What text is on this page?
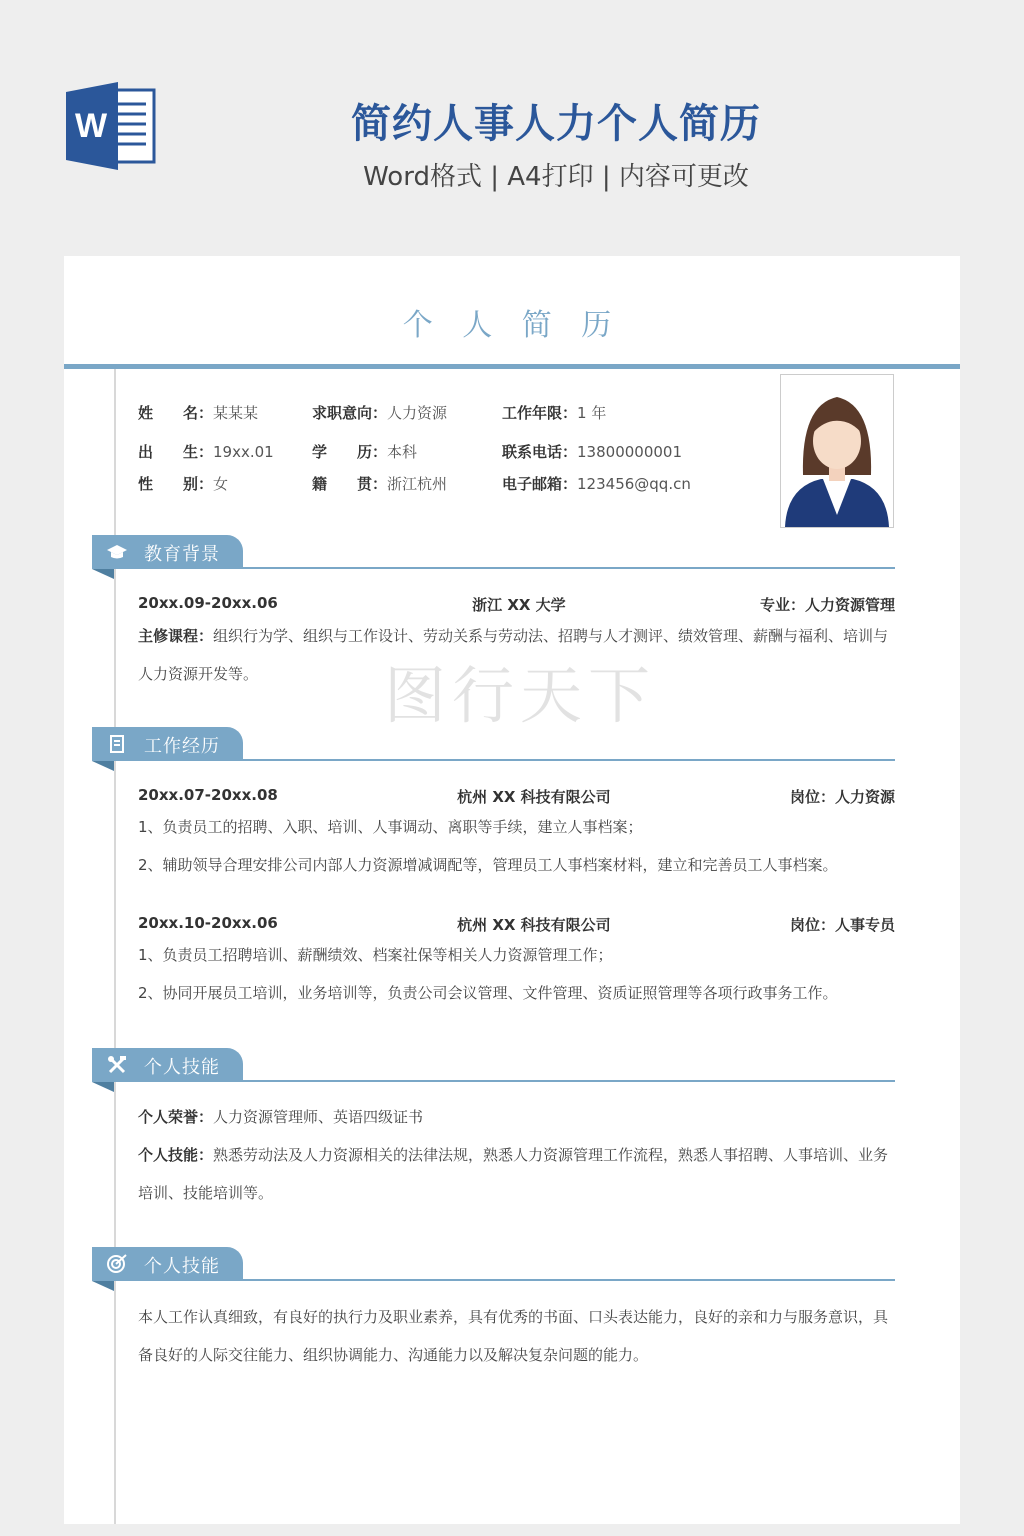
W	简约人事人力个人简历
Word格式 | A4打印 | 内容可更改
个 人 简 历
图行天下
姓　　名：某某某	求职意向：人力资源	工作年限：1 年
出　　生：19xx.01	学　　历：本科	联系电话：13800000001
性　　别：女	籍　　贯：浙江杭州	电子邮箱：123456@qq.cn
教育背景
20xx.09-20xx.06	浙江 XX 大学	专业：人力资源管理
主修课程：组织行为学、组织与工作设计、劳动关系与劳动法、招聘与人才测评、绩效管理、薪酬与福利、培训与人力资源开发等。
工作经历
20xx.07-20xx.08	杭州 XX 科技有限公司	岗位：人力资源
1、负责员工的招聘、入职、培训、人事调动、离职等手续，建立人事档案；
2、辅助领导合理安排公司内部人力资源增减调配等，管理员工人事档案材料，建立和完善员工人事档案。
20xx.10-20xx.06	杭州 XX 科技有限公司	岗位：人事专员
1、负责员工招聘培训、薪酬绩效、档案社保等相关人力资源管理工作；
2、协同开展员工培训，业务培训等，负责公司会议管理、文件管理、资质证照管理等各项行政事务工作。
个人技能
个人荣誉：人力资源管理师、英语四级证书
个人技能：熟悉劳动法及人力资源相关的法律法规，熟悉人力资源管理工作流程，熟悉人事招聘、人事培训、业务培训、技能培训等。
个人技能
本人工作认真细致，有良好的执行力及职业素养，具有优秀的书面、口头表达能力，良好的亲和力与服务意识，具备良好的人际交往能力、组织协调能力、沟通能力以及解决复杂问题的能力。
